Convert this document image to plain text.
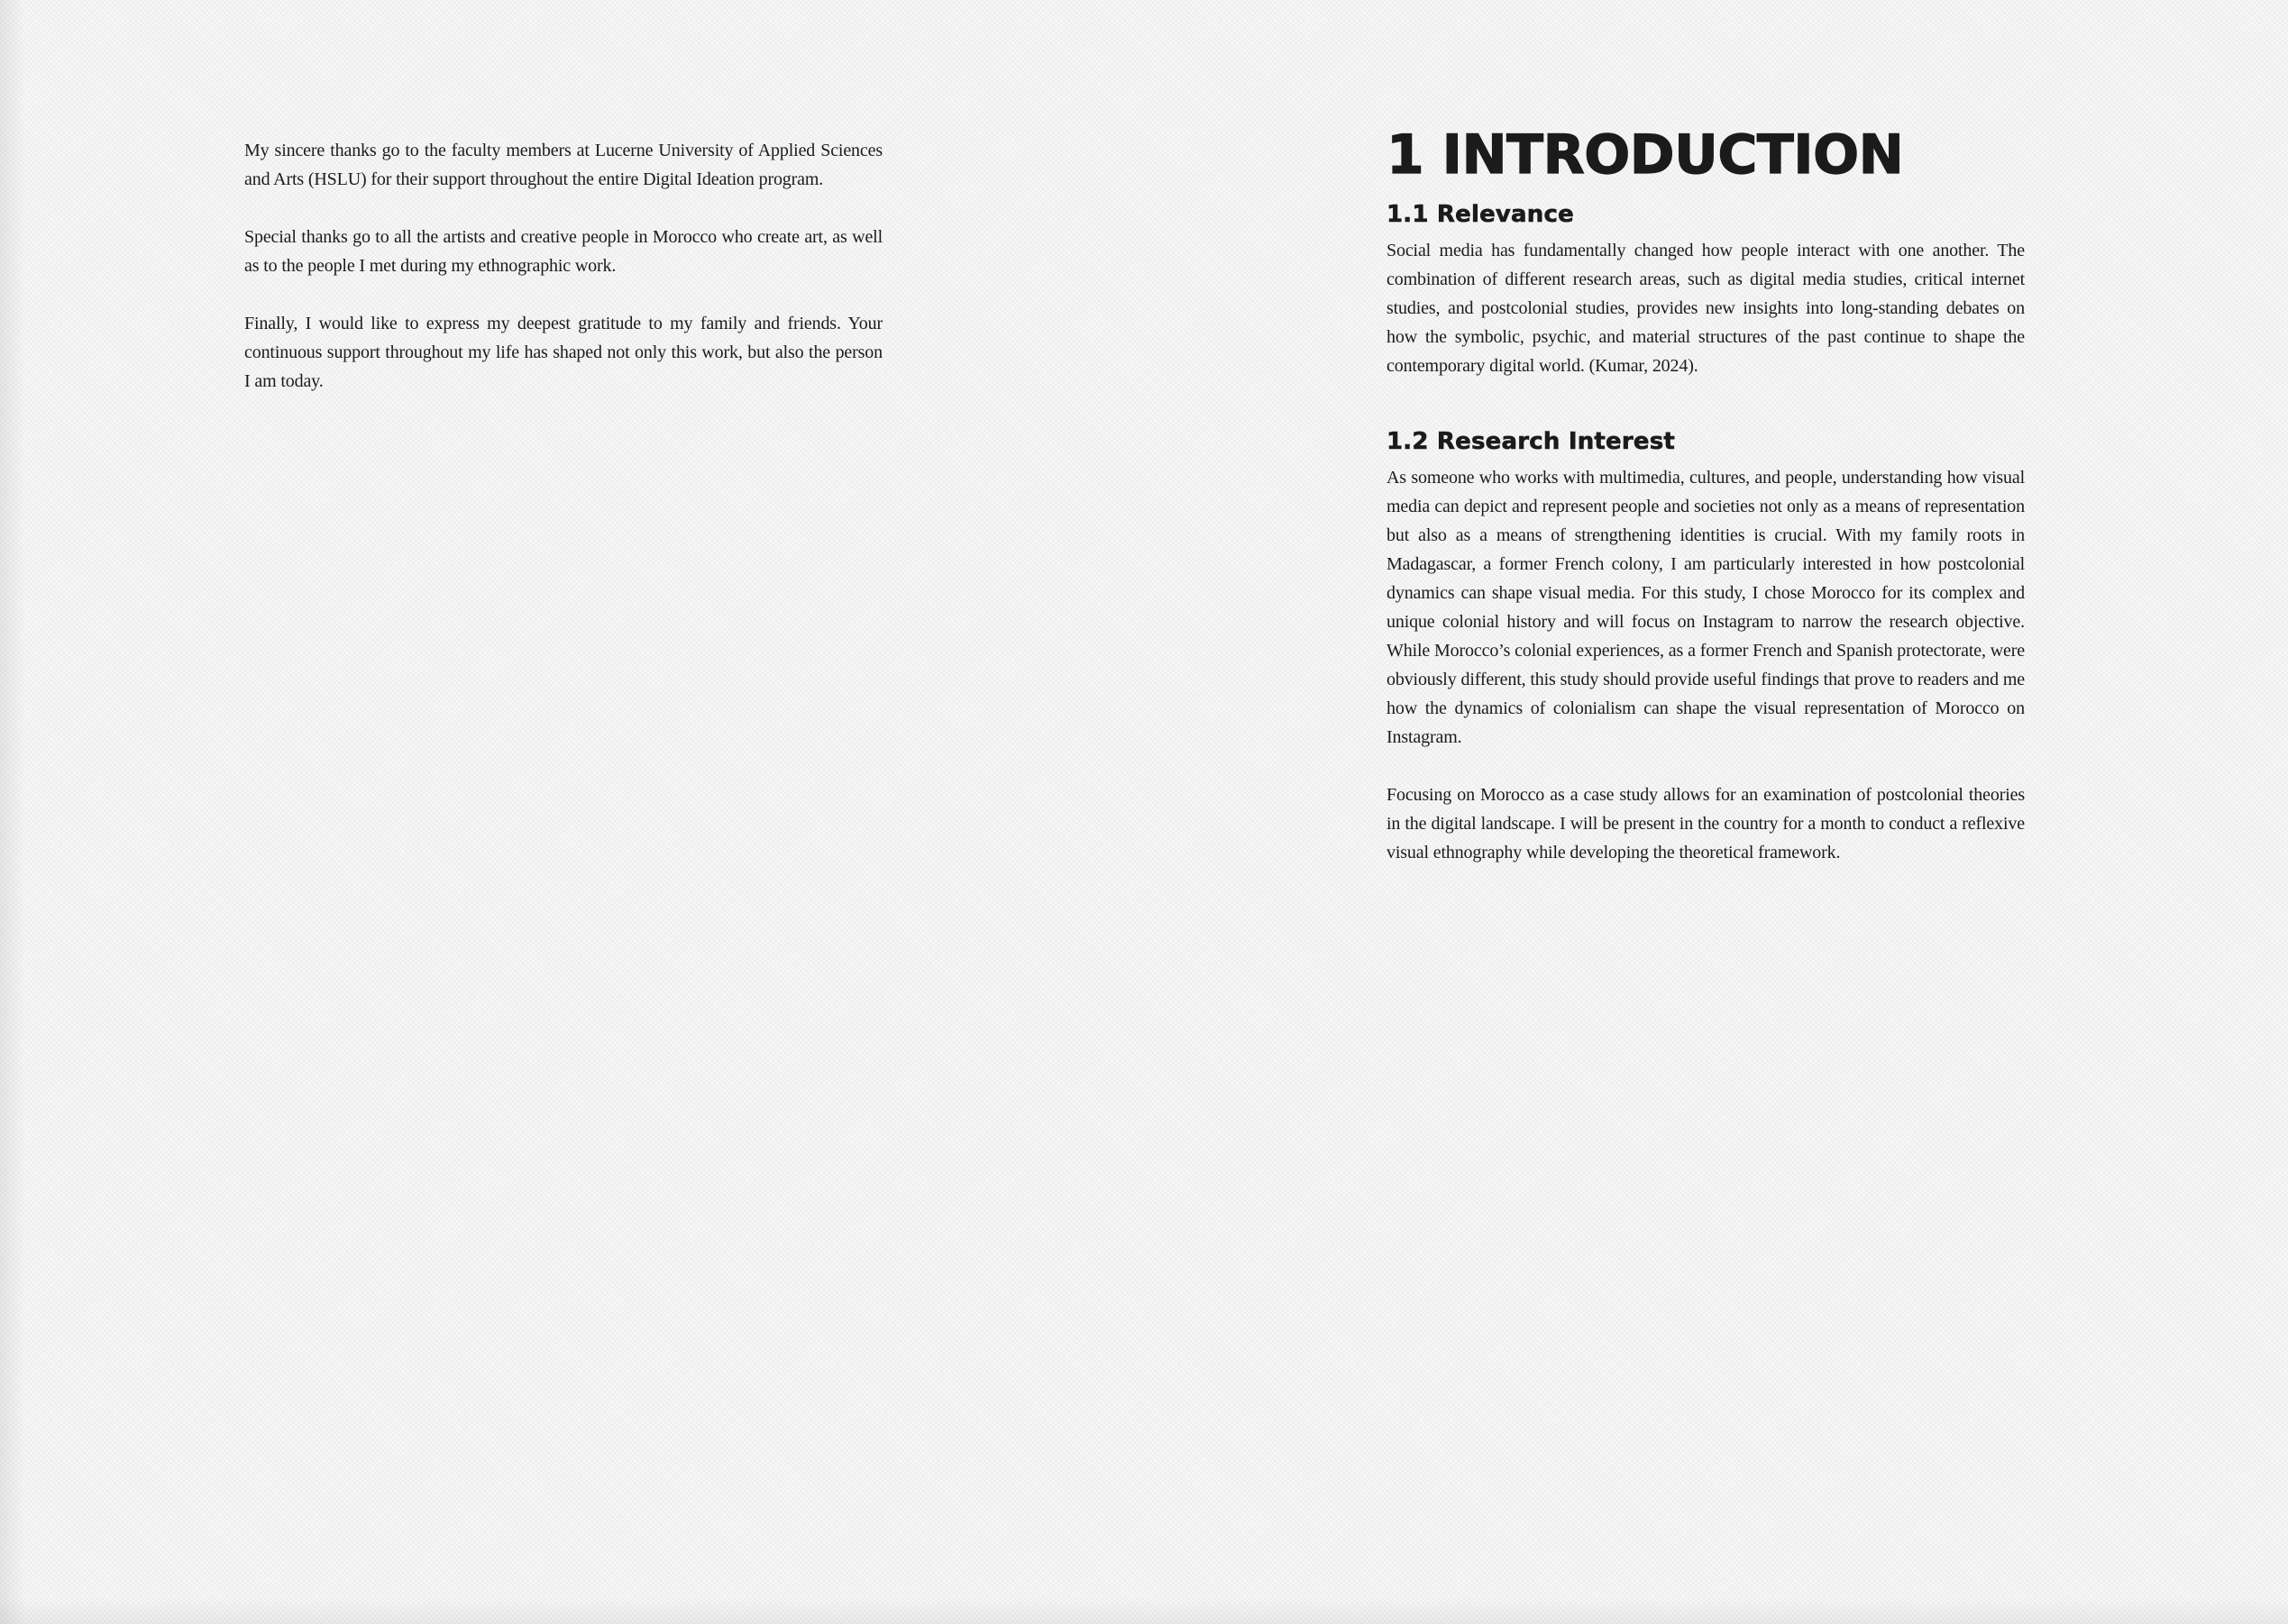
My sincere thanks go to the faculty members at Lucerne University of Applied Sciences and Arts (HSLU) for their support throughout the entire Digital Ideation program.

Special thanks go to all the artists and creative people in Morocco who create art, as well as to the people I met during my ethnographic work.

Finally, I would like to express my deepest gratitude to my family and friends. Your continuous support throughout my life has shaped not only this work, but also the person I am today.

1 INTRODUCTION
1.1 Relevance

Social media has fundamentally changed how people interact with one another. The combination of different research areas, such as digital media studies, critical internet studies, and postcolonial studies, provides new insights into long-standing debates on how the symbolic, psychic, and material structures of the past continue to shape the contemporary digital world. (Kumar, 2024).

1.2 Research Interest

As someone who works with multimedia, cultures, and people, understanding how visual media can depict and represent people and societies not only as a means of representation but also as a means of strengthening identities is crucial. With my family roots in Madagascar, a former French colony, I am particularly interested in how postcolonial dynamics can shape visual media. For this study, I chose Morocco for its complex and unique colonial history and will focus on Instagram to narrow the research objective. While Morocco’s colonial experiences, as a former French and Spanish protectorate, were obviously different, this study should provide useful findings that prove to readers and me how the dynamics of colonialism can shape the visual representation of Morocco on Instagram.

Focusing on Morocco as a case study allows for an examination of postcolonial theories in the digital landscape. I will be present in the country for a month to conduct a reflexive visual ethnography while developing the theoretical framework.
